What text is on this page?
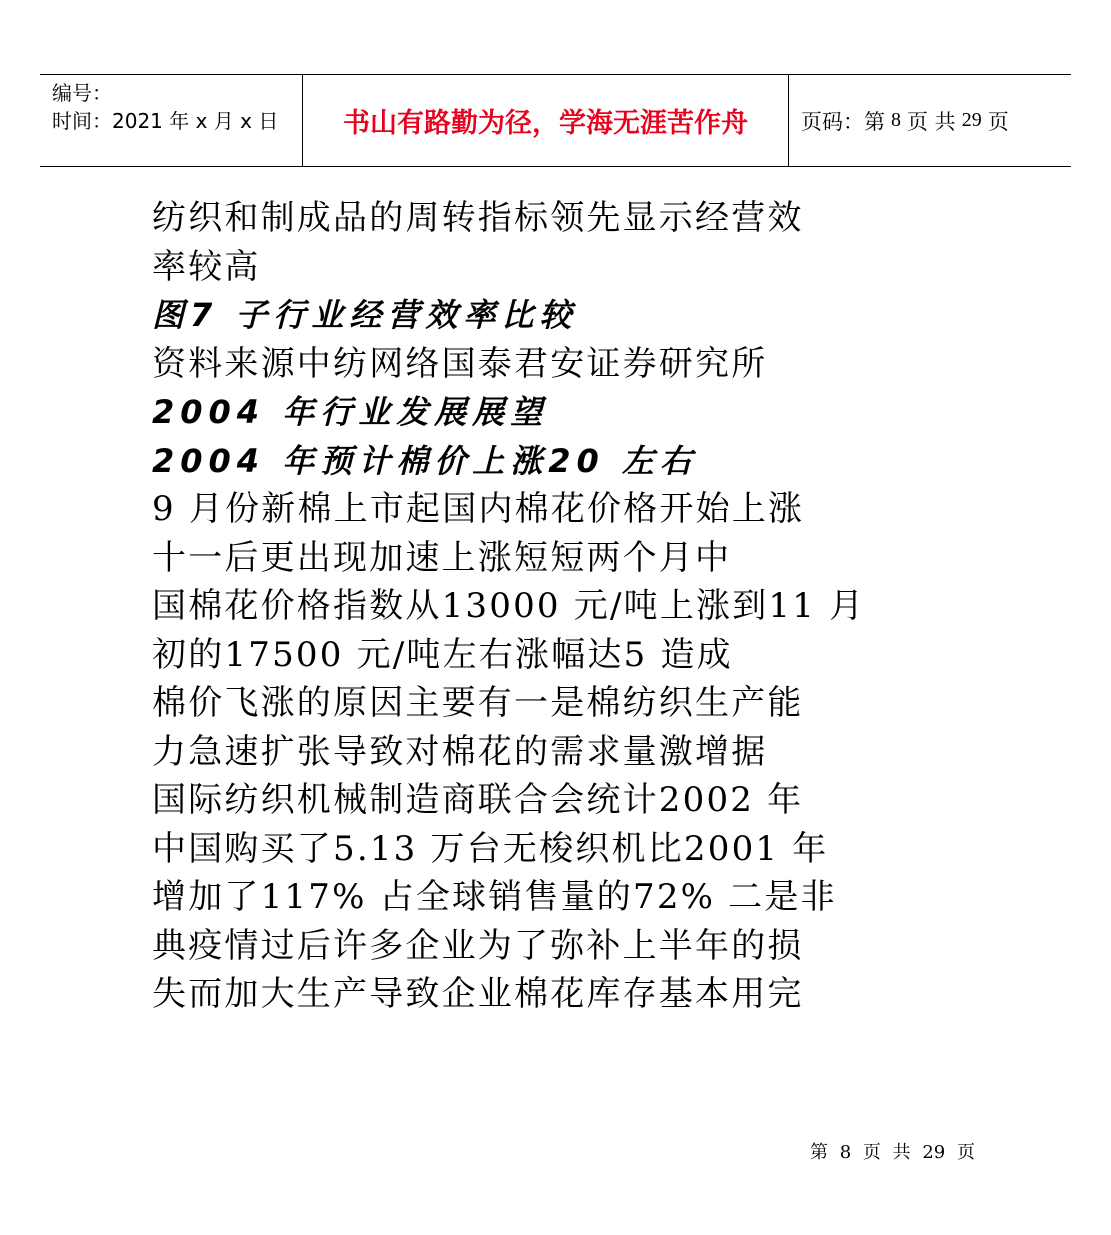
编号：
时间：2021 年 x 月 x 日	书山有路勤为径，学海无涯苦作舟	页码：第 8 页 共 29 页
纺织和制成品的周转指标领先显示经营效
率较高
图7 子行业经营效率比较
资料来源中纺网络国泰君安证券研究所
2004 年行业发展展望
2004 年预计棉价上涨20 左右
9 月份新棉上市起国内棉花价格开始上涨
十一后更出现加速上涨短短两个月中
国棉花价格指数从13000 元/吨上涨到11 月
初的17500 元/吨左右涨幅达5 造成
棉价飞涨的原因主要有一是棉纺织生产能
力急速扩张导致对棉花的需求量激增据
国际纺织机械制造商联合会统计2002 年
中国购买了5.13 万台无梭织机比2001 年
增加了117% 占全球销售量的72% 二是非
典疫情过后许多企业为了弥补上半年的损
失而加大生产导致企业棉花库存基本用完
第 8 页 共 29 页
